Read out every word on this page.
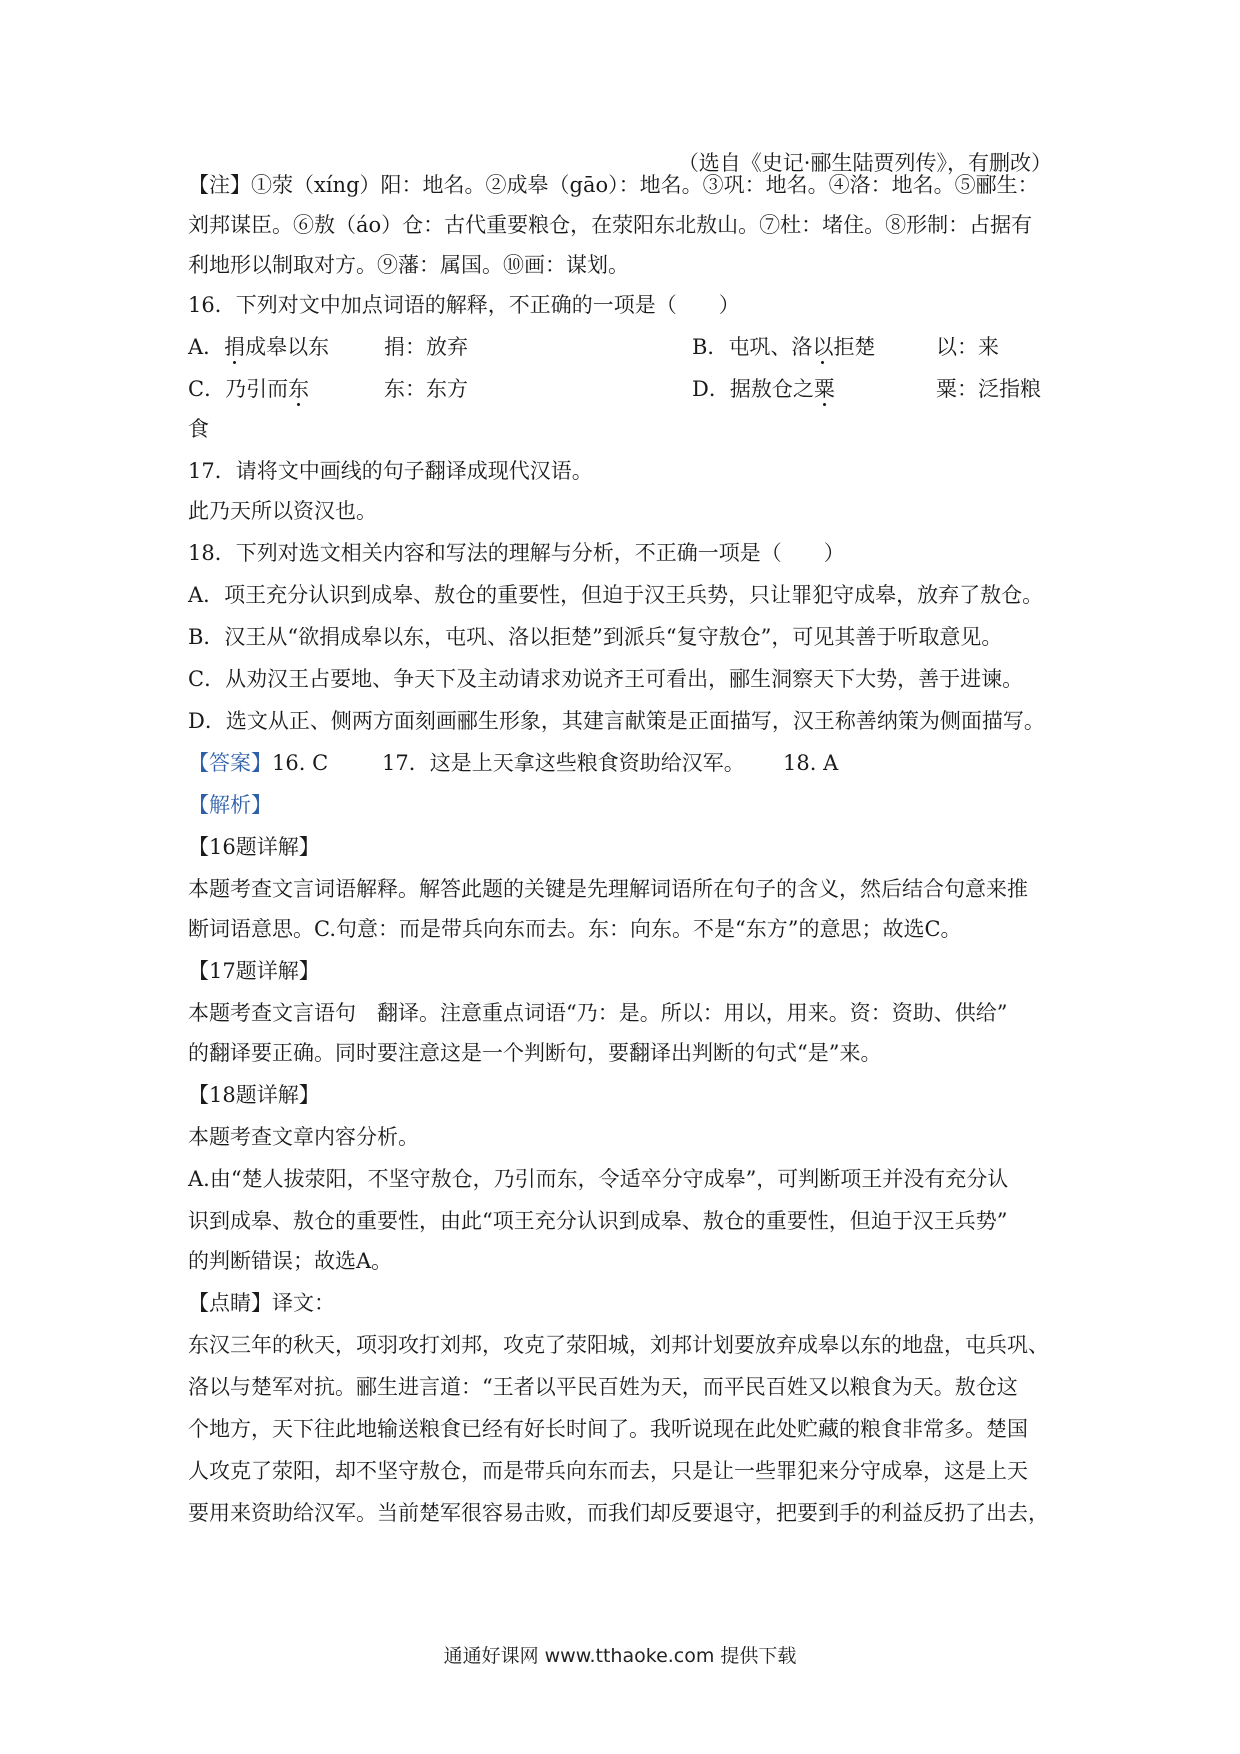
（选自《史记·郦生陆贾列传》，有删改）
【注】①荥（xíng）阳：地名。②成皋（gāo）：地名。③巩：地名。④洛：地名。⑤郦生：
刘邦谋臣。⑥敖（áo）仓：古代重要粮仓，在荥阳东北敖山。⑦杜：堵住。⑧形制：占据有
利地形以制取对方。⑨藩：属国。⑩画：谋划。
16．下列对文中加点词语的解释，不正确的一项是（　　）
A．捐成皋以东	捐：放弃	B．屯巩、洛以拒楚	以：来
C．乃引而东	东：东方	D．据敖仓之粟	粟：泛指粮
食
17．请将文中画线的句子翻译成现代汉语。
此乃天所以资汉也。
18．下列对选文相关内容和写法的理解与分析，不正确一项是（　　）
A．项王充分认识到成皋、敖仓的重要性，但迫于汉王兵势，只让罪犯守成皋，放弃了敖仓。
B．汉王从“欲捐成皋以东，屯巩、洛以拒楚”到派兵“复守敖仓”，可见其善于听取意见。
C．从劝汉王占要地、争天下及主动请求劝说齐王可看出，郦生洞察天下大势，善于进谏。
D．选文从正、侧两方面刻画郦生形象，其建言献策是正面描写，汉王称善纳策为侧面描写。
【答案】16. C	17．这是上天拿这些粮食资助给汉军。 18. A
【解析】
【16题详解】
本题考查文言词语解释。解答此题的关键是先理解词语所在句子的含义，然后结合句意来推
断词语意思。C.句意：而是带兵向东而去。东：向东。不是“东方”的意思；故选C。
【17题详解】
本题考查文言语句　翻译。注意重点词语“乃：是。所以：用以，用来。资：资助、供给”
的翻译要正确。同时要注意这是一个判断句，要翻译出判断的句式“是”来。
【18题详解】
本题考查文章内容分析。
A.由“楚人拔荥阳，不坚守敖仓，乃引而东，令适卒分守成皋”，可判断项王并没有充分认
识到成皋、敖仓的重要性，由此“项王充分认识到成皋、敖仓的重要性，但迫于汉王兵势”
的判断错误；故选A。
【点睛】译文：
东汉三年的秋天，项羽攻打刘邦，攻克了荥阳城，刘邦计划要放弃成皋以东的地盘，屯兵巩、
洛以与楚军对抗。郦生进言道：“王者以平民百姓为天，而平民百姓又以粮食为天。敖仓这
个地方，天下往此地输送粮食已经有好长时间了。我听说现在此处贮藏的粮食非常多。楚国
人攻克了荥阳，却不坚守敖仓，而是带兵向东而去，只是让一些罪犯来分守成皋，这是上天
要用来资助给汉军。当前楚军很容易击败，而我们却反要退守，把要到手的利益反扔了出去，
通通好课网 www.tthaoke.com 提供下载
